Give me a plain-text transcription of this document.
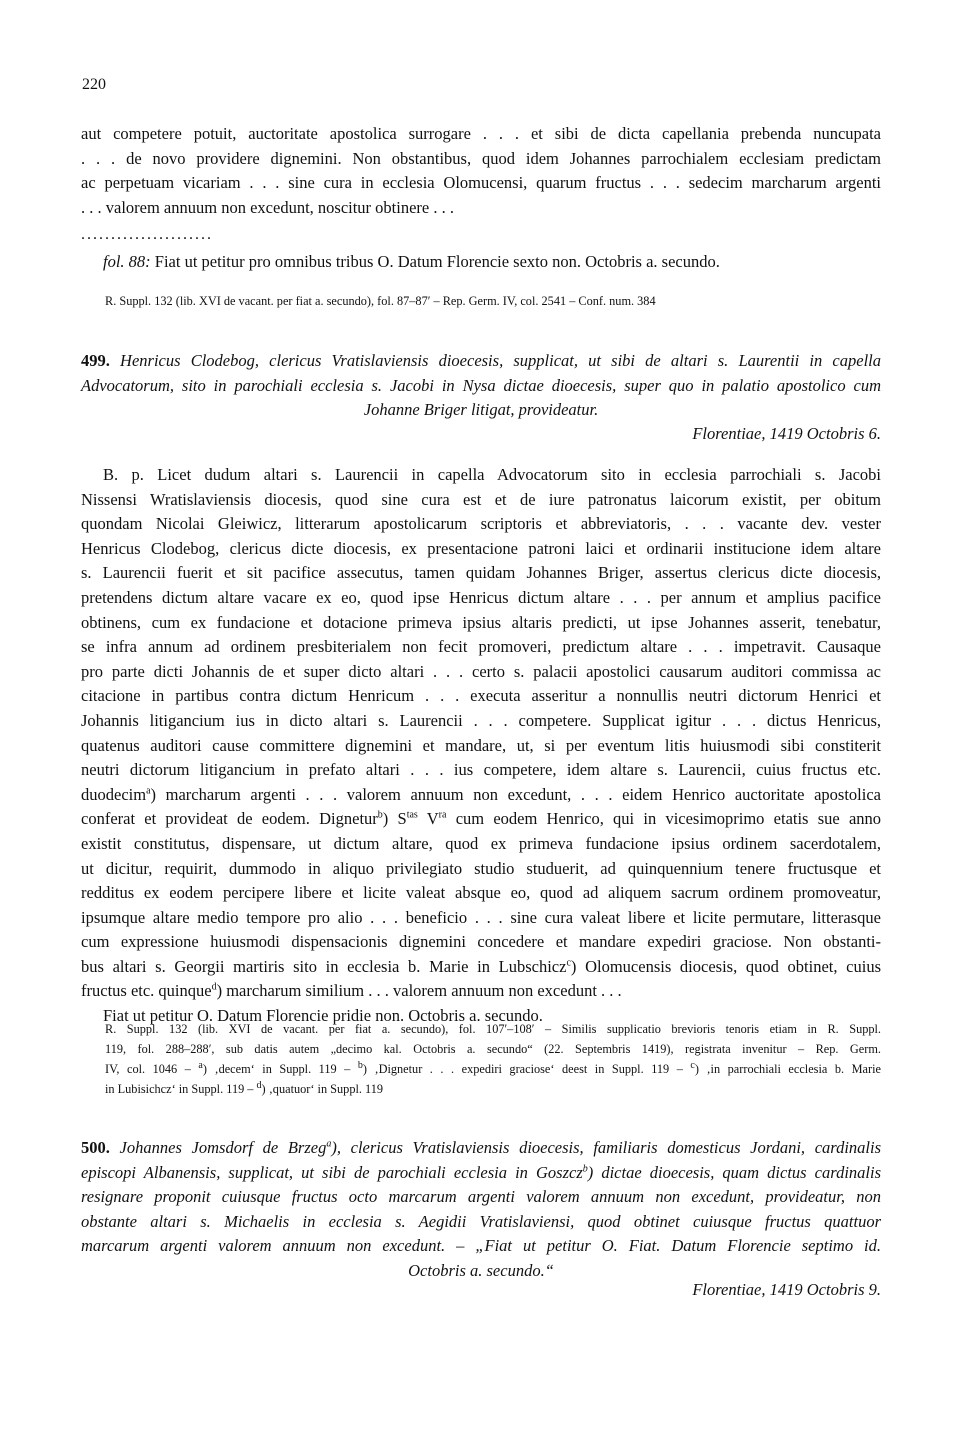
220
aut competere potuit, auctoritate apostolica surrogare . . . et sibi de dicta capellania prebenda nuncupata
. . . de novo providere dignemini. Non obstantibus, quod idem Johannes parrochialem ecclesiam predictam
ac perpetuam vicariam . . . sine cura in ecclesia Olomucensi, quarum fructus . . . sedecim marcharum argenti
. . . valorem annuum non excedunt, noscitur obtinere . . .
......................
fol. 88: Fiat ut petitur pro omnibus tribus O. Datum Florencie sexto non. Octobris a. secundo.
R. Suppl. 132 (lib. XVI de vacant. per fiat a. secundo), fol. 87–87′ – Rep. Germ. IV, col. 2541 – Conf. num. 384
499. Henricus Clodebog, clericus Vratislaviensis dioecesis, supplicat, ut sibi de altari s. Laurentii in capella
Advocatorum, sito in parochiali ecclesia s. Jacobi in Nysa dictae dioecesis, super quo in palatio apostolico cum
Johanne Briger litigat, provideatur.
Florentiae, 1419 Octobris 6.
B. p. Licet dudum altari s. Laurencii in capella Advocatorum sito in ecclesia parrochiali s. Jacobi
Nissensi Wratislaviensis diocesis, quod sine cura est et de iure patronatus laicorum existit, per obitum
quondam Nicolai Gleiwicz, litterarum apostolicarum scriptoris et abbreviatoris, . . . vacante dev. vester
Henricus Clodebog, clericus dicte diocesis, ex presentacione patroni laici et ordinarii institucione idem altare
s. Laurencii fuerit et sit pacifice assecutus, tamen quidam Johannes Briger, assertus clericus dicte diocesis,
pretendens dictum altare vacare ex eo, quod ipse Henricus dictum altare . . . per annum et amplius pacifice
obtinens, cum ex fundacione et dotacione primeva ipsius altaris predicti, ut ipse Johannes asserit, tenebatur,
se infra annum ad ordinem presbiterialem non fecit promoveri, predictum altare . . . impetravit. Causaque
pro parte dicti Johannis de et super dicto altari . . . certo s. palacii apostolici causarum auditori commissa ac
citacione in partibus contra dictum Henricum . . . executa asseritur a nonnullis neutri dictorum Henrici et
Johannis litigancium ius in dicto altari s. Laurencii . . . competere. Supplicat igitur . . . dictus Henricus,
quatenus auditori cause committere dignemini et mandare, ut, si per eventum litis huiusmodi sibi constiterit
neutri dictorum litigancium in prefato altari . . . ius competere, idem altare s. Laurencii, cuius fructus etc.
duodecim$^a$) marcharum argenti . . . valorem annuum non excedunt, . . . eidem Henrico auctoritate apostolica
conferat et provideat de eodem. Dignetur$^b$) $S^{tas}$ $V^{ra}$ cum eodem Henrico, qui in vicesimoprimo etatis sue anno
existit constitutus, dispensare, ut dictum altare, quod ex primeva fundacione ipsius ordinem sacerdotalem,
ut dicitur, requirit, dummodo in aliquo privilegiato studio studuerit, ad quinquennium tenere fructusque et
redditus ex eodem percipere libere et licite valeat absque eo, quod ad aliquem sacrum ordinem promoveatur,
ipsumque altare medio tempore pro alio . . . beneficio . . . sine cura valeat libere et licite permutare, litterasque
cum expressione huiusmodi dispensacionis dignemini concedere et mandare expediri graciose. Non obstanti-
bus altari s. Georgii martiris sito in ecclesia b. Marie in Lubschicz$^c$) Olomucensis diocesis, quod obtinet, cuius
fructus etc. quinque$^d$) marcharum similium . . . valorem annuum non excedunt . . .
Fiat ut petitur O. Datum Florencie pridie non. Octobris a. secundo.
R. Suppl. 132 (lib. XVI de vacant. per fiat a. secundo), fol. 107′–108′ – Similis supplicatio brevioris tenoris etiam in R. Suppl.
119, fol. 288–288′, sub datis autem „decimo kal. Octobris a. secundo“ (22. Septembris 1419), registrata invenitur – Rep. Germ.
IV, col. 1046 – $^a$) ‚decem‘ in Suppl. 119 – $^b$) ‚Dignetur . . . expediri graciose‘ deest in Suppl. 119 – $^c$) ‚in parrochiali ecclesia b. Marie
in Lubisichcz‘ in Suppl. 119 – $^d$) ‚quatuor‘ in Suppl. 119
500. Johannes Jomsdorf de Brzeg$^a$), clericus Vratislaviensis dioecesis, familiaris domesticus Jordani, cardinalis
episcopi Albanensis, supplicat, ut sibi de parochiali ecclesia in Goszcz$^b$) dictae dioecesis, quam dictus cardinalis
resignare proponit cuiusque fructus octo marcarum argenti valorem annuum non excedunt, provideatur, non
obstante altari s. Michaelis in ecclesia s. Aegidii Vratislaviensi, quod obtinet cuiusque fructus quattuor
marcarum argenti valorem annuum non excedunt. – „Fiat ut petitur O. Fiat. Datum Florencie septimo id.
Octobris a. secundo.“
Florentiae, 1419 Octobris 9.
